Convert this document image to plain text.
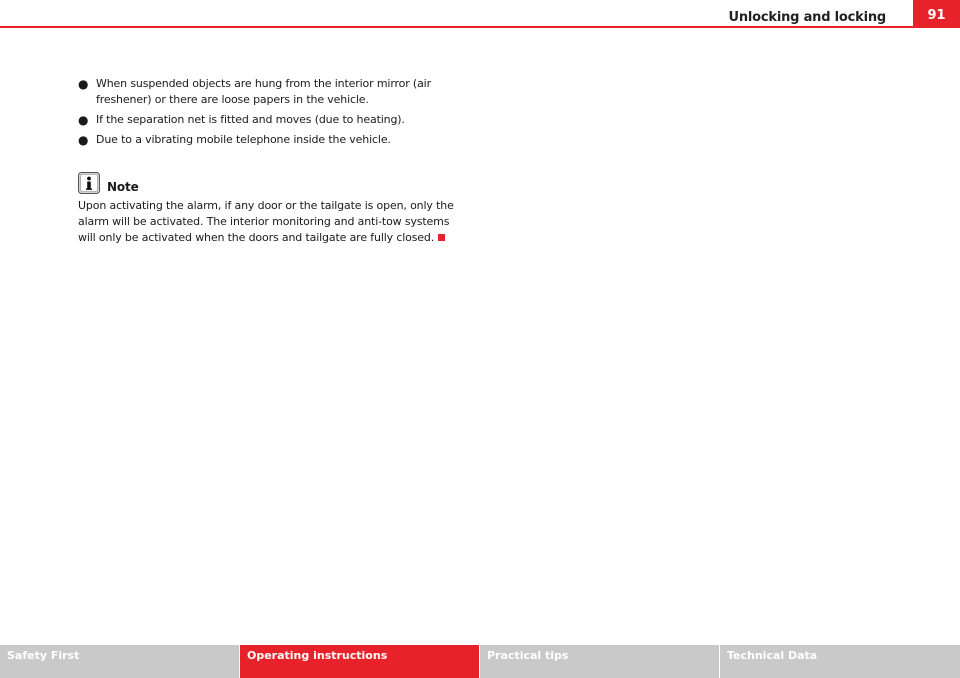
Unlocking and locking	91
● When suspended objects are hung from the interior mirror (air freshener) or there are loose papers in the vehicle.
● If the separation net is fitted and moves (due to heating).
● Due to a vibrating mobile telephone inside the vehicle.
Note

Upon activating the alarm, if any door or the tailgate is open, only the alarm will be activated. The interior monitoring and anti-tow systems will only be activated when the doors and tailgate are fully closed.

Safety First	Operating instructions	Practical tips	Technical Data
